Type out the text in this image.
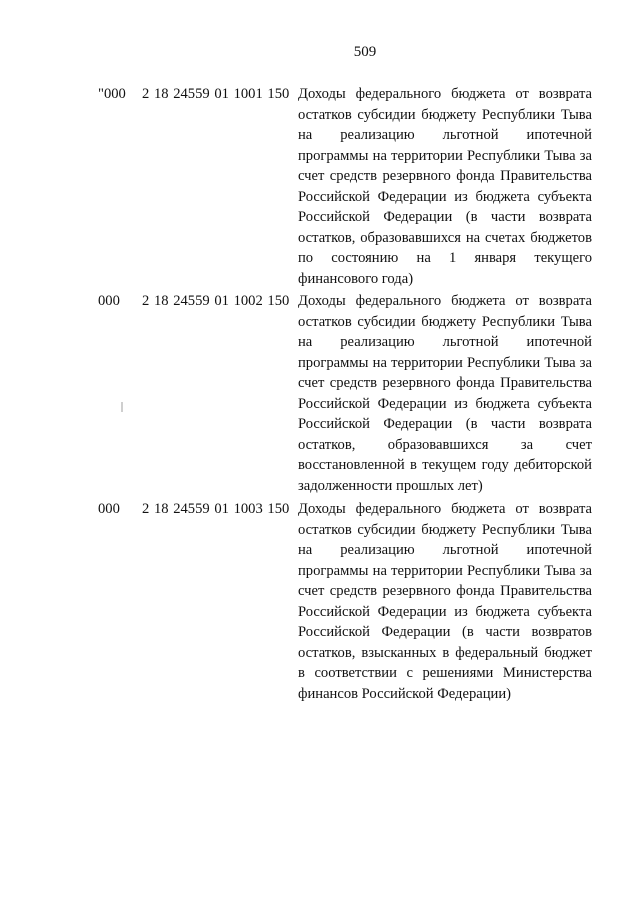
509
"000 2 18 24559 01 1001 150 Доходы федерального бюджета от возврата
остатков субсидии бюджету Республики Тыва
на реализацию льготной ипотечной
программы на территории Республики Тыва за
счет средств резервного фонда Правительства
Российской Федерации из бюджета субъекта
Российской Федерации (в части возврата
остатков, образовавшихся на счетах бюджетов
по состоянию на 1 января текущего
финансового года)
000 2 18 24559 01 1002 150 Доходы федерального бюджета от возврата
остатков субсидии бюджету Республики Тыва
на реализацию льготной ипотечной
программы на территории Республики Тыва за
счет средств резервного фонда Правительства
Российской Федерации из бюджета субъекта
Российской Федерации (в части возврата
остатков, образовавшихся за счет
восстановленной в текущем году дебиторской
задолженности прошлых лет)
000 2 18 24559 01 1003 150 Доходы федерального бюджета от возврата
остатков субсидии бюджету Республики Тыва
на реализацию льготной ипотечной
программы на территории Республики Тыва за
счет средств резервного фонда Правительства
Российской Федерации из бюджета субъекта
Российской Федерации (в части возвратов
остатков, взысканных в федеральный бюджет
в соответствии с решениями Министерства
финансов Российской Федерации)
